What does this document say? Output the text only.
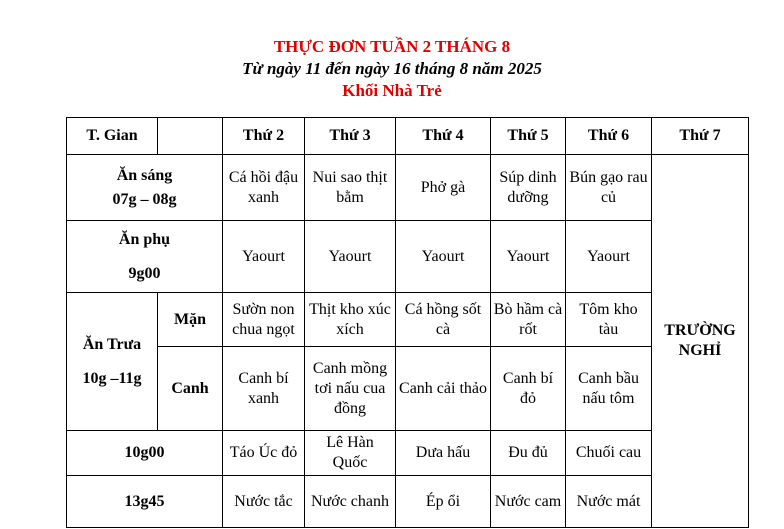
THỰC ĐƠN TUẦN 2 THÁNG 8
Từ ngày 11 đến ngày 16 tháng 8 năm 2025
Khối Nhà Trẻ
T. Gian		Thứ 2	Thứ 3	Thứ 4	Thứ 5	Thứ 6	Thứ 7

Ăn sáng
07g – 08g		Cá hồi đậu xanh	Nui sao thịt bằm	Phở gà	Súp dinh dưỡng	Bún gạo rau củ	TRƯỜNG NGHỈ

Ăn phụ
9g00		Yaourt	Yaourt	Yaourt	Yaourt	Yaourt	

Ăn Trưa
10g –11g	Mặn	Sườn non chua ngọt	Thịt kho xúc xích	Cá hồng sốt cà	Bò hầm cà rốt	Tôm kho tàu	
	Canh	Canh bí xanh	Canh mồng tơi nấu cua đồng	Canh cải thảo	Canh bí đỏ	Canh bầu nấu tôm	
10g00		Táo Úc đỏ	Lê Hàn Quốc	Dưa hấu	Đu đủ	Chuối cau	
13g45		Nước tắc	Nước chanh	Ép ổi	Nước cam	Nước mát	
